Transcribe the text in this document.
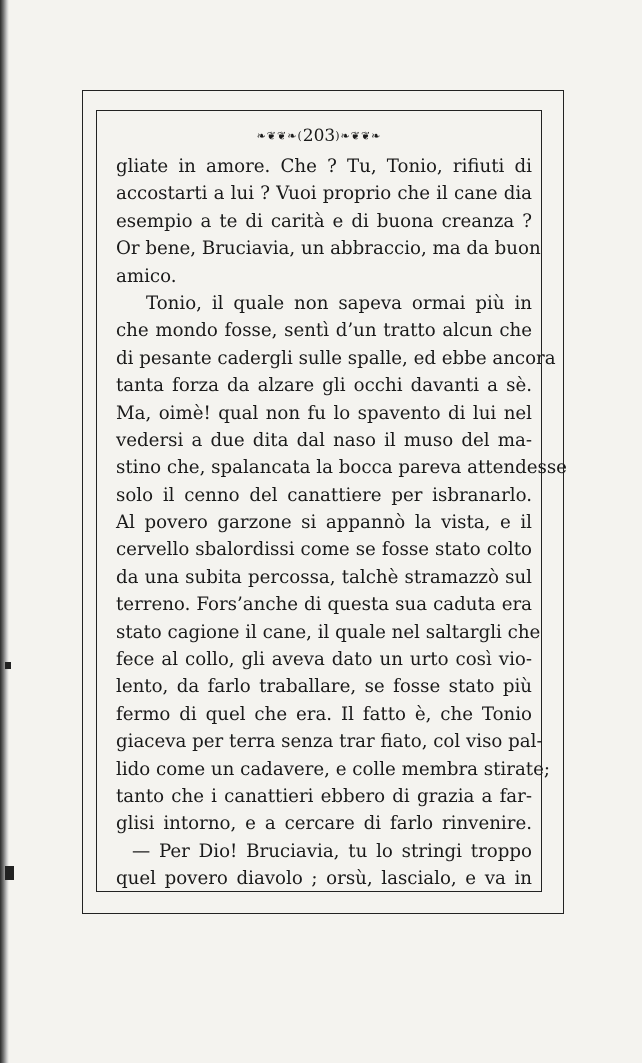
❧❦❦❧(203)❧❦❦❧
gliate in amore. Che ? Tu, Tonio, rifiuti di
accostarti a lui ? Vuoi proprio che il cane dia
esempio a te di carità e di buona creanza ?
Or bene, Bruciavia, un abbraccio, ma da buon
amico.
Tonio, il quale non sapeva ormai più in
che mondo fosse, sentì d’un tratto alcun che
di pesante cadergli sulle spalle, ed ebbe ancora
tanta forza da alzare gli occhi davanti a sè.
Ma, oimè! qual non fu lo spavento di lui nel
vedersi a due dita dal naso il muso del ma-
stino che, spalancata la bocca pareva attendesse
solo il cenno del canattiere per isbranarlo.
Al povero garzone si appannò la vista, e il
cervello sbalordissi come se fosse stato colto
da una subita percossa, talchè stramazzò sul
terreno. Fors’anche di questa sua caduta era
stato cagione il cane, il quale nel saltargli che
fece al collo, gli aveva dato un urto così vio-
lento, da farlo traballare, se fosse stato più
fermo di quel che era. Il fatto è, che Tonio
giaceva per terra senza trar fiato, col viso pal-
lido come un cadavere, e colle membra stirate;
tanto che i canattieri ebbero di grazia a far-
glisi intorno, e a cercare di farlo rinvenire.
— Per Dio! Bruciavia, tu lo stringi troppo
quel povero diavolo ; orsù, lascialo, e va in
